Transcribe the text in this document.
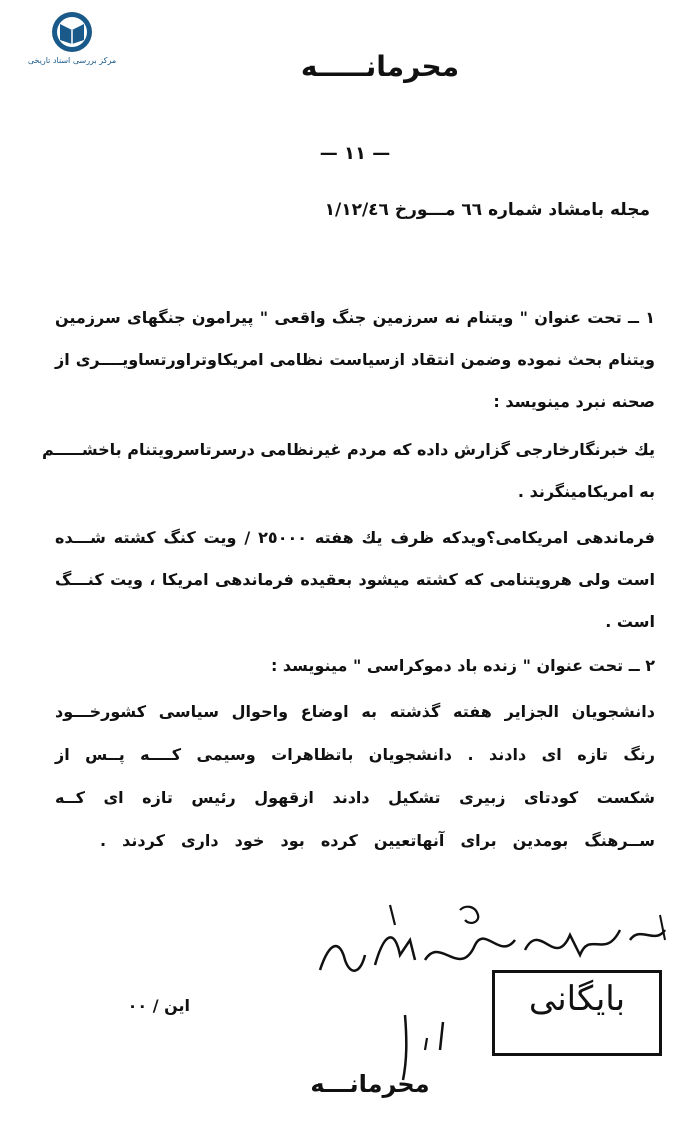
مرکز بررسی اسناد تاریخی	محرمانـــــه
— ١١ —
مجله بامشاد شماره ٦٦ مـــورخ ١/١٢/٤٦
١ ــ تحت عنوان " ویتنام نه سرزمین جنگ واقعی " پیرامون جنگهای سرزمین
ویتنام بحث نموده وضمن انتقاد ازسیاست نظامی امریکاوتراورتساویــــری از
صحنه نبرد مینویسد :
یك خبرنگارخارجی گزارش داده که مردم غیرنظامی درسرتاسرویتنام باخشـــــم
به امریکامینگرند .
فرماندهی امریکامی؟ویدکه ظرف یك هفته ٢٥٠٠٠ / ویت کنگ کشته شـــده
است ولی هرویتنامی که کشته میشود بعقیده فرماندهی امریکا ، ویت کنـــگ
است .
٢ ــ تحت عنوان " زنده باد دموکراسی " مینویسد :
دانشجویان الجزایر هفته گذشته به اوضاع واحوال سیاسی کشورخـــود
رنگ تازه ای دادند . دانشجویان باتظاهرات وسیمی کــــه پــس از
شکست کودتای زبیری تشکیل دادند ازقهول رئیس تازه ای کــه
ســرهنگ بومدین برای آنهاتعیین کرده بود خود داری کردند .
بایگانی
این / ٠٠
محرمانـــه
